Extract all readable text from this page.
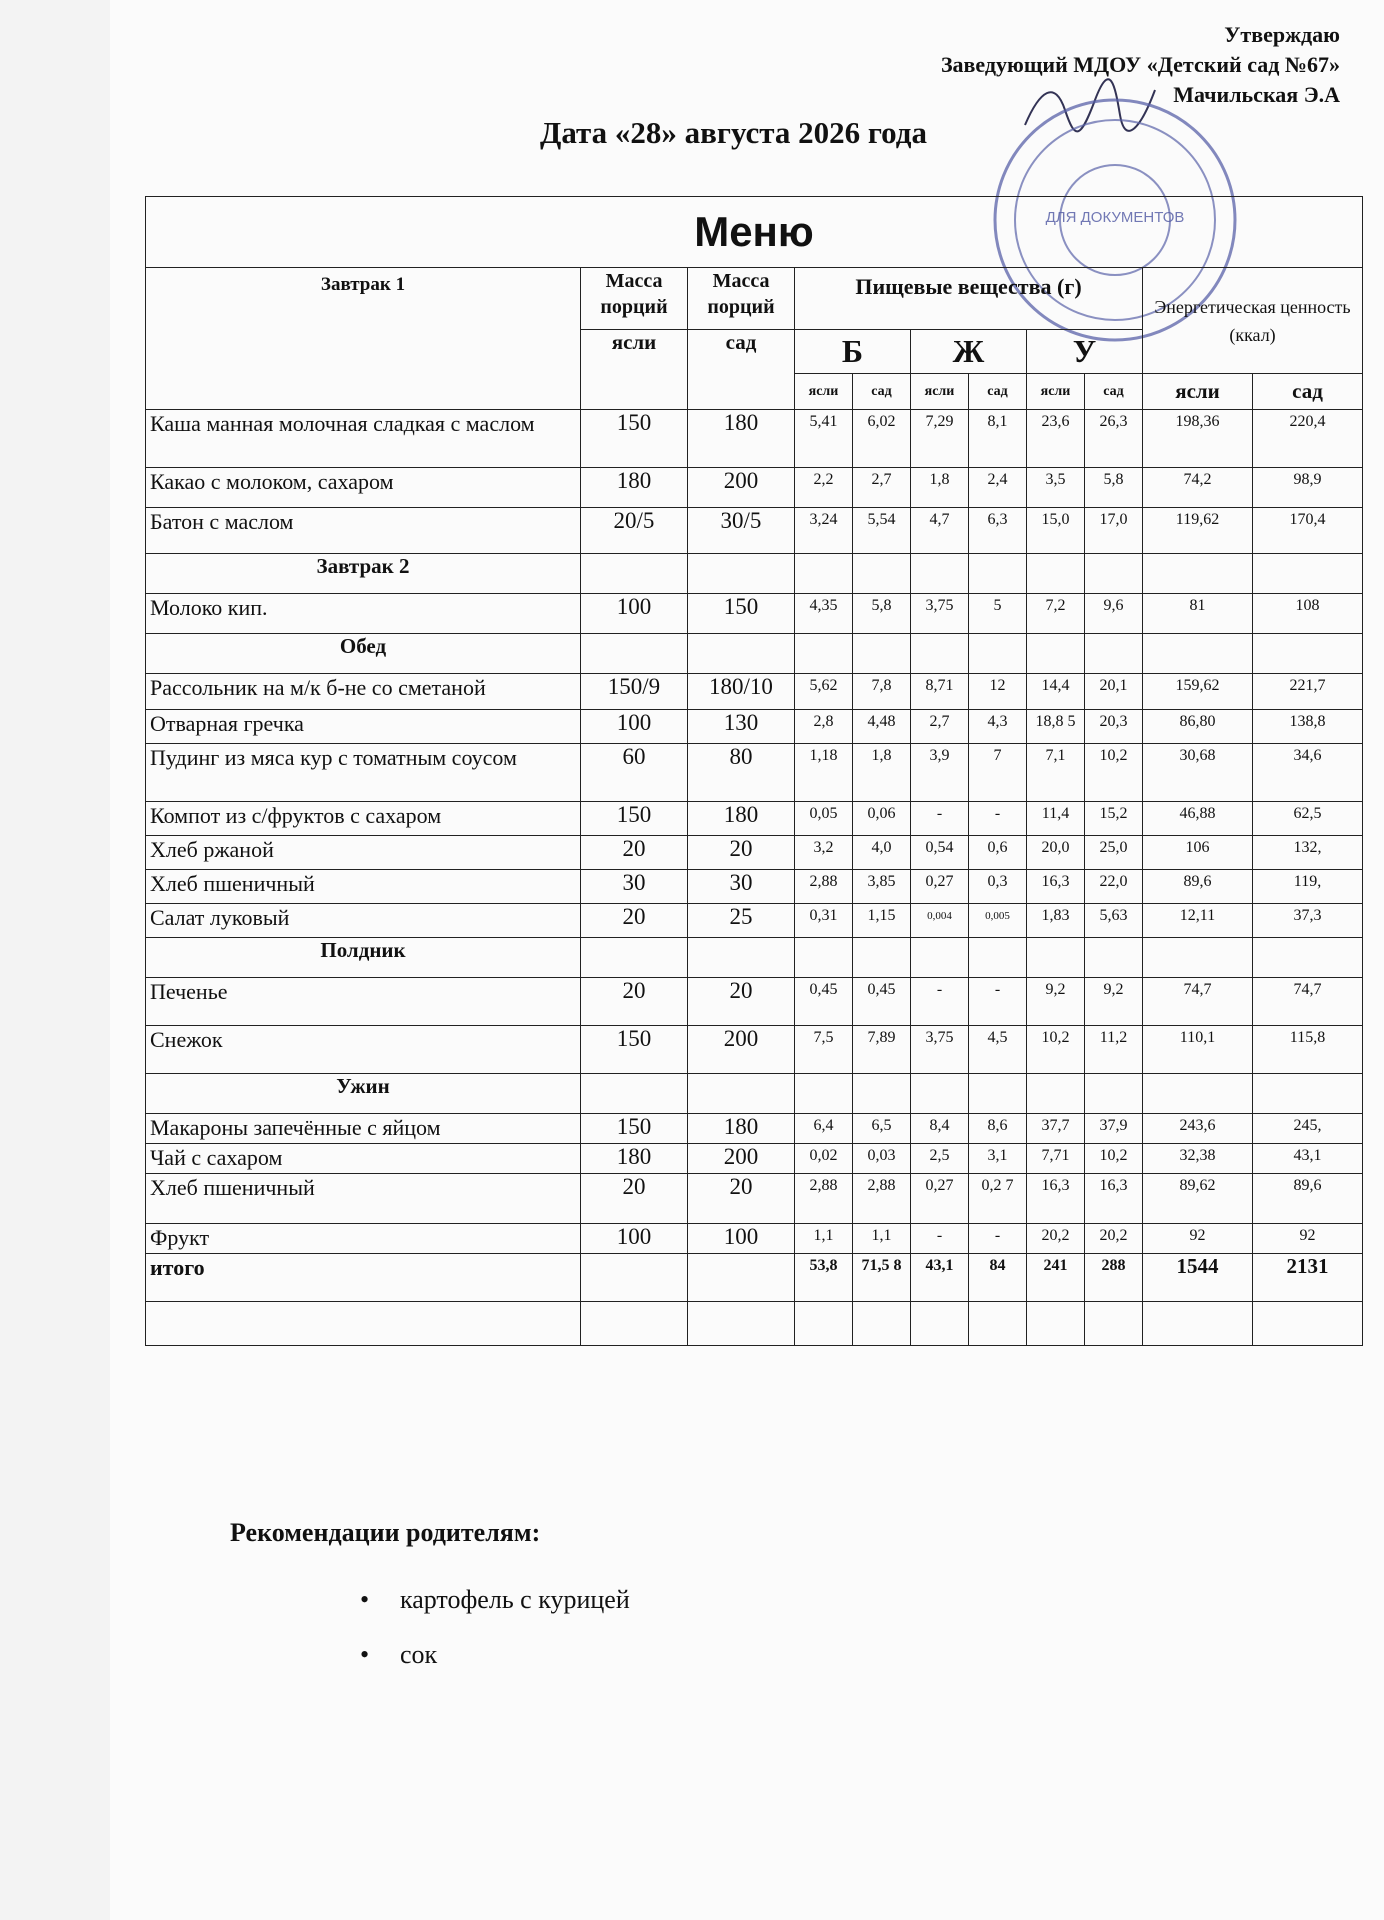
Утверждаю
Заведующий МДОУ «Детский сад №67»
Мачильская Э.А
ДЛЯ ДОКУМЕНТОВ
Дата «28» августа 2026 года
Меню										
Завтрак 1	Масса порций	Масса порций	Пищевые вещества (г)						Энергетическая ценность (ккал)	
	ясли	сад	Б		Ж		У			
			ясли	сад	ясли	сад	ясли	сад	ясли	сад
Каша манная молочная сладкая с маслом	150	180	5,41	6,02	7,29	8,1	23,6	26,3	198,36	220,4
Какао с молоком, сахаром	180	200	2,2	2,7	1,8	2,4	3,5	5,8	74,2	98,9
Батон с маслом	20/5	30/5	3,24	5,54	4,7	6,3	15,0	17,0	119,62	170,4
Завтрак 2										
Молоко кип.	100	150	4,35	5,8	3,75	5	7,2	9,6	81	108
Обед										
Рассольник на м/к б-не со сметаной	150/9	180/10	5,62	7,8	8,71	12	14,4	20,1	159,62	221,7
Отварная гречка	100	130	2,8	4,48	2,7	4,3	18,8 5	20,3	86,80	138,8
Пудинг из мяса кур с томатным соусом	60	80	1,18	1,8	3,9	7	7,1	10,2	30,68	34,6
Компот из с/фруктов с сахаром	150	180	0,05	0,06	-	-	11,4	15,2	46,88	62,5
Хлеб ржаной	20	20	3,2	4,0	0,54	0,6	20,0	25,0	106	132,
Хлеб пшеничный	30	30	2,88	3,85	0,27	0,3	16,3	22,0	89,6	119,
Салат луковый	20	25	0,31	1,15	0,004	0,005	1,83	5,63	12,11	37,3
Полдник										
Печенье	20	20	0,45	0,45	-	-	9,2	9,2	74,7	74,7
Снежок	150	200	7,5	7,89	3,75	4,5	10,2	11,2	110,1	115,8
Ужин										
Макароны запечённые с яйцом	150	180	6,4	6,5	8,4	8,6	37,7	37,9	243,6	245,
Чай с сахаром	180	200	0,02	0,03	2,5	3,1	7,71	10,2	32,38	43,1
Хлеб пшеничный	20	20	2,88	2,88	0,27	0,2 7	16,3	16,3	89,62	89,6
Фрукт	100	100	1,1	1,1	-	-	20,2	20,2	92	92
итого			53,8	71,5 8	43,1	84	241	288	1544	2131

Рекомендации родителям:
• картофель с курицей
• сок
